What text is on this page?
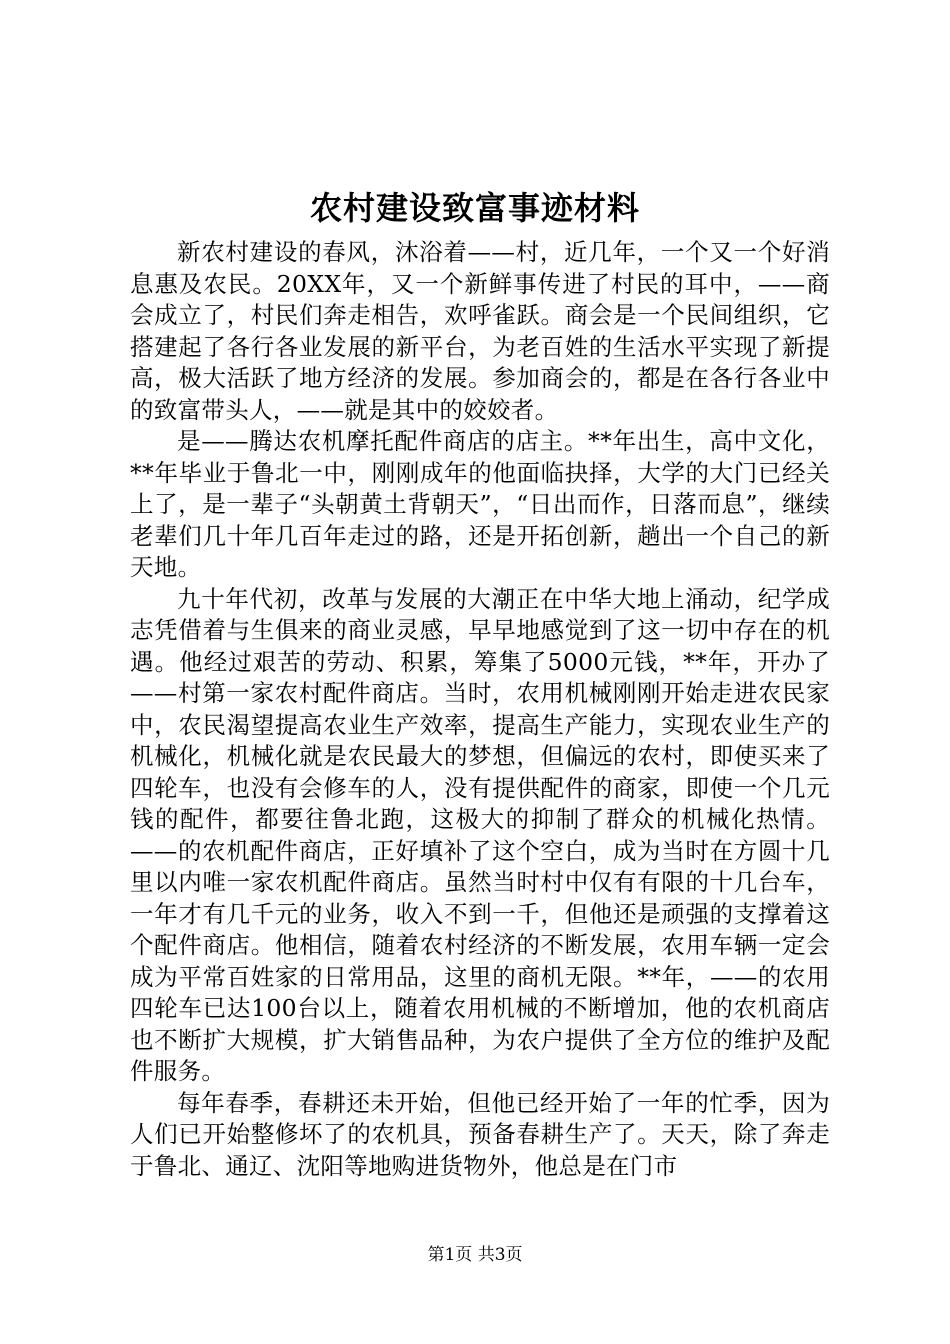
农村建设致富事迹材料

新农村建设的春风，沐浴着——村，近几年，一个又一个好消息惠及农民。20XX年，又一个新鲜事传进了村民的耳中，——商会成立了，村民们奔走相告，欢呼雀跃。商会是一个民间组织，它搭建起了各行各业发展的新平台，为老百姓的生活水平实现了新提高，极大活跃了地方经济的发展。参加商会的，都是在各行各业中的致富带头人，——就是其中的姣姣者。

是——腾达农机摩托配件商店的店主。**年出生，高中文化，**年毕业于鲁北一中，刚刚成年的他面临抉择，大学的大门已经关上了，是一辈子“头朝黄土背朝天”，“日出而作，日落而息”，继续老辈们几十年几百年走过的路，还是开拓创新，趟出一个自己的新天地。

九十年代初，改革与发展的大潮正在中华大地上涌动，纪学成志凭借着与生俱来的商业灵感，早早地感觉到了这一切中存在的机遇。他经过艰苦的劳动、积累，筹集了5000元钱，**年，开办了——村第一家农村配件商店。当时，农用机械刚刚开始走进农民家中，农民渴望提高农业生产效率，提高生产能力，实现农业生产的机械化，机械化就是农民最大的梦想，但偏远的农村，即使买来了四轮车，也没有会修车的人，没有提供配件的商家，即使一个几元钱的配件，都要往鲁北跑，这极大的抑制了群众的机械化热情。——的农机配件商店，正好填补了这个空白，成为当时在方圆十几里以内唯一家农机配件商店。虽然当时村中仅有有限的十几台车，一年才有几千元的业务，收入不到一千，但他还是顽强的支撑着这个配件商店。他相信，随着农村经济的不断发展，农用车辆一定会成为平常百姓家的日常用品，这里的商机无限。**年，——的农用四轮车已达100台以上，随着农用机械的不断增加，他的农机商店也不断扩大规模，扩大销售品种，为农户提供了全方位的维护及配件服务。

每年春季，春耕还未开始，但他已经开始了一年的忙季，因为人们已开始整修坏了的农机具，预备春耕生产了。天天，除了奔走于鲁北、通辽、沈阳等地购进货物外，他总是在门市

第1页 共3页
